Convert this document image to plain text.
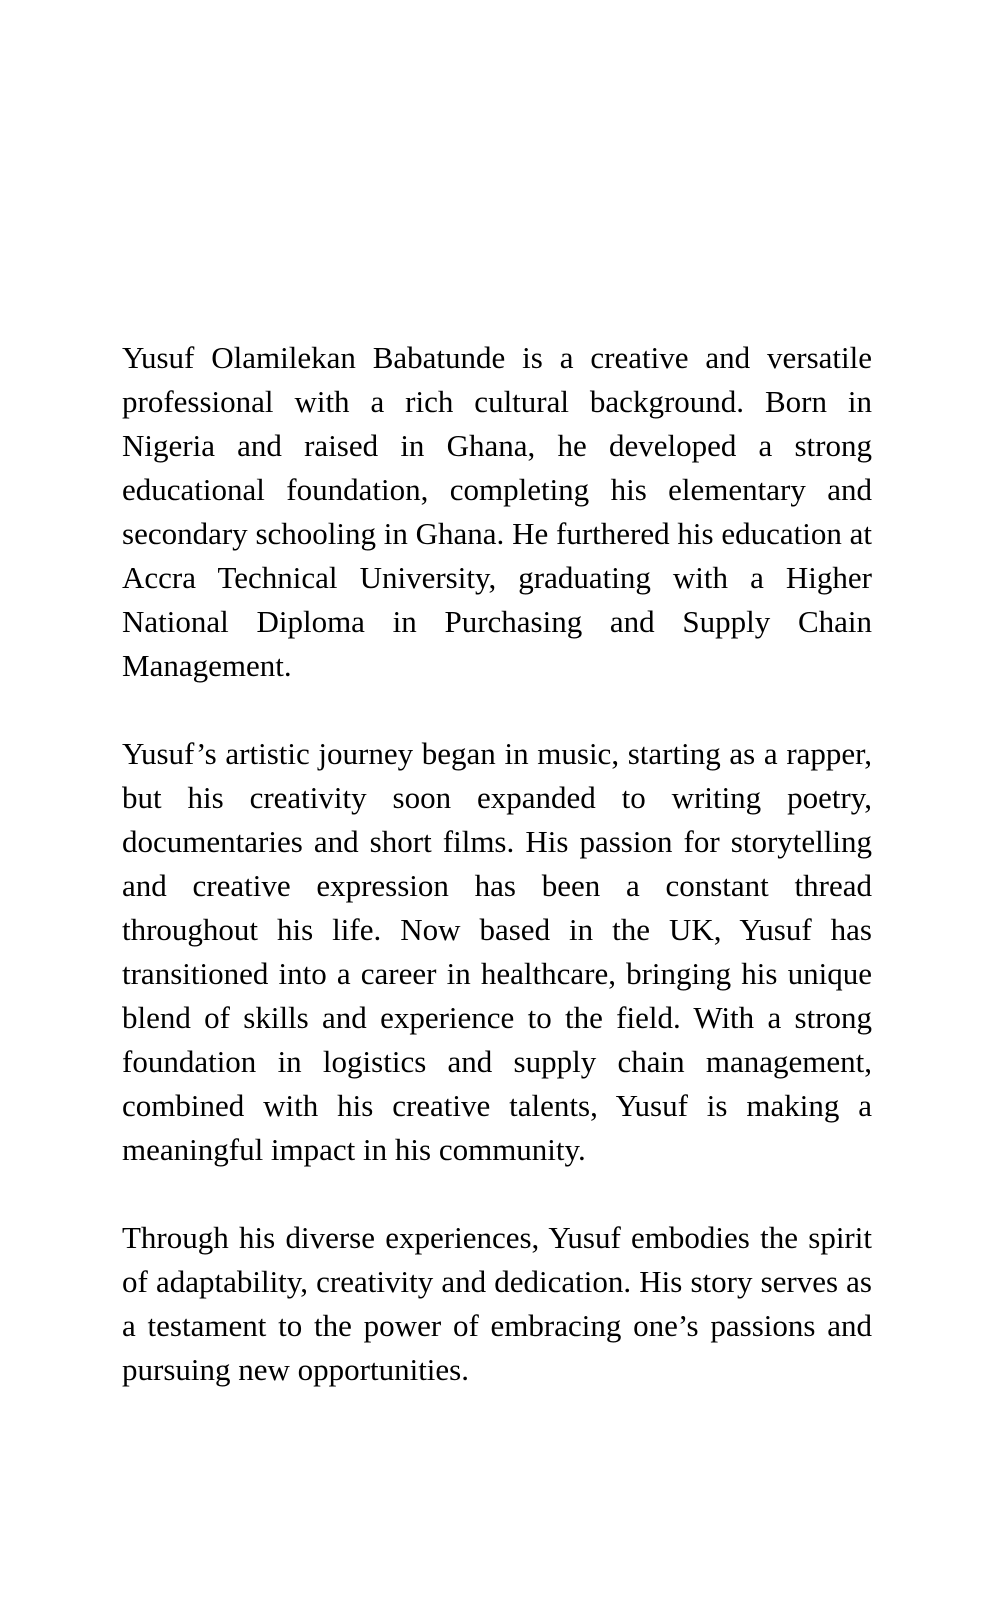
Yusuf Olamilekan Babatunde is a creative and versatile professional with a rich cultural background. Born in Nigeria and raised in Ghana, he developed a strong educational foundation, completing his elementary and secondary schooling in Ghana. He furthered his education at Accra Technical University, graduating with a Higher National Diploma in Purchasing and Supply Chain Management.

Yusuf’s artistic journey began in music, starting as a rapper, but his creativity soon expanded to writing poetry, documentaries and short films. His passion for storytelling and creative expression has been a constant thread throughout his life. Now based in the UK, Yusuf has transitioned into a career in healthcare, bringing his unique blend of skills and experience to the field. With a strong foundation in logistics and supply chain management, combined with his creative talents, Yusuf is making a meaningful impact in his community.

Through his diverse experiences, Yusuf embodies the spirit of adaptability, creativity and dedication. His story serves as a testament to the power of embracing one’s passions and pursuing new opportunities.
